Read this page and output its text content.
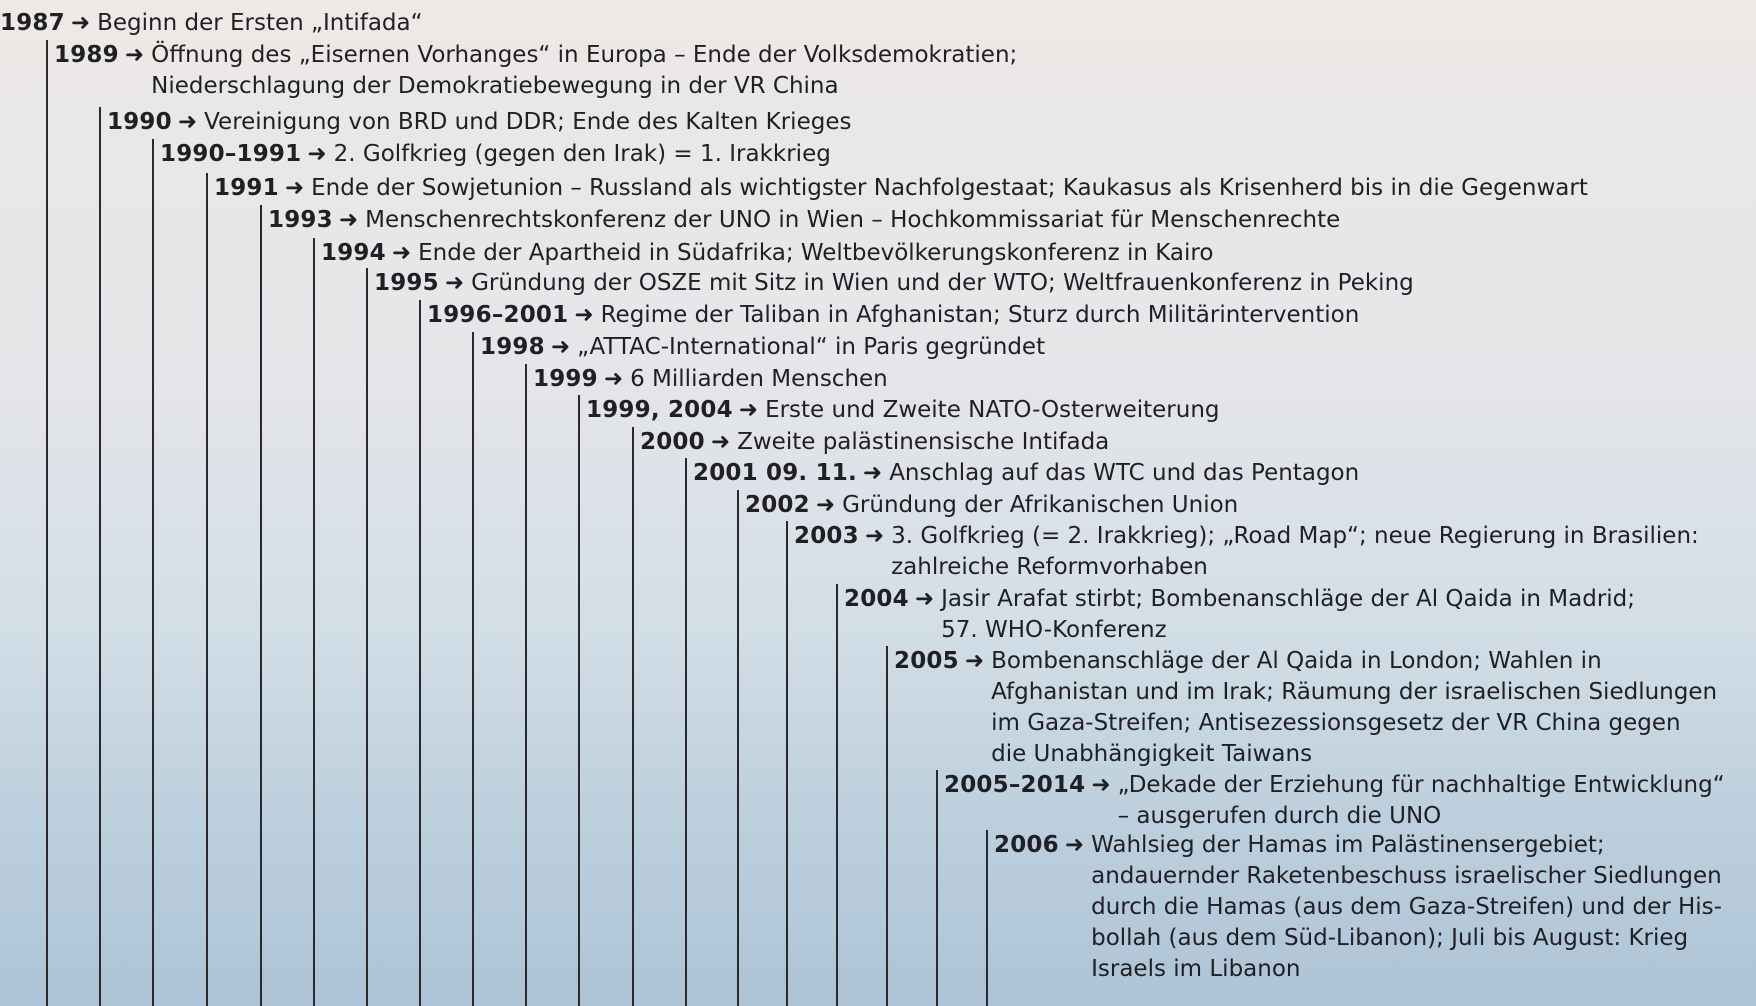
1987 ➜ Beginn der Ersten „Intifada“
1989 ➜ Öffnung des „Eisernen Vorhanges“ in Europa – Ende der Volksdemokratien;
Niederschlagung der Demokratiebewegung in der VR China
1990 ➜ Vereinigung von BRD und DDR; Ende des Kalten Krieges
1990–1991 ➜ 2. Golfkrieg (gegen den Irak) = 1. Irakkrieg
1991 ➜ Ende der Sowjetunion – Russland als wichtigster Nachfolgestaat; Kaukasus als Krisenherd bis in die Gegenwart
1993 ➜ Menschenrechtskonferenz der UNO in Wien – Hochkommissariat für Menschenrechte
1994 ➜ Ende der Apartheid in Südafrika; Weltbevölkerungskonferenz in Kairo
1995 ➜ Gründung der OSZE mit Sitz in Wien und der WTO; Weltfrauenkonferenz in Peking
1996–2001 ➜ Regime der Taliban in Afghanistan; Sturz durch Militärintervention
1998 ➜ „ATTAC-International“ in Paris gegründet
1999 ➜ 6 Milliarden Menschen
1999, 2004 ➜ Erste und Zweite NATO-Osterweiterung
2000 ➜ Zweite palästinensische Intifada
2001 09. 11. ➜ Anschlag auf das WTC und das Pentagon
2002 ➜ Gründung der Afrikanischen Union
2003 ➜ 3. Golfkrieg (= 2. Irakkrieg); „Road Map“; neue Regierung in Brasilien:
zahlreiche Reformvorhaben
2004 ➜ Jasir Arafat stirbt; Bombenanschläge der Al Qaida in Madrid;
57. WHO-Konferenz
2005 ➜ Bombenanschläge der Al Qaida in London; Wahlen in
Afghanistan und im Irak; Räumung der israelischen Siedlungen
im Gaza-Streifen; Antisezessionsgesetz der VR China gegen
die Unabhängigkeit Taiwans
2005–2014 ➜ „Dekade der Erziehung für nachhaltige Entwicklung“
– ausgerufen durch die UNO
2006 ➜ Wahlsieg der Hamas im Palästinensergebiet;
andauernder Raketenbeschuss israelischer Siedlungen
durch die Hamas (aus dem Gaza-Streifen) und der His-
bollah (aus dem Süd-Libanon); Juli bis August: Krieg
Israels im Libanon
